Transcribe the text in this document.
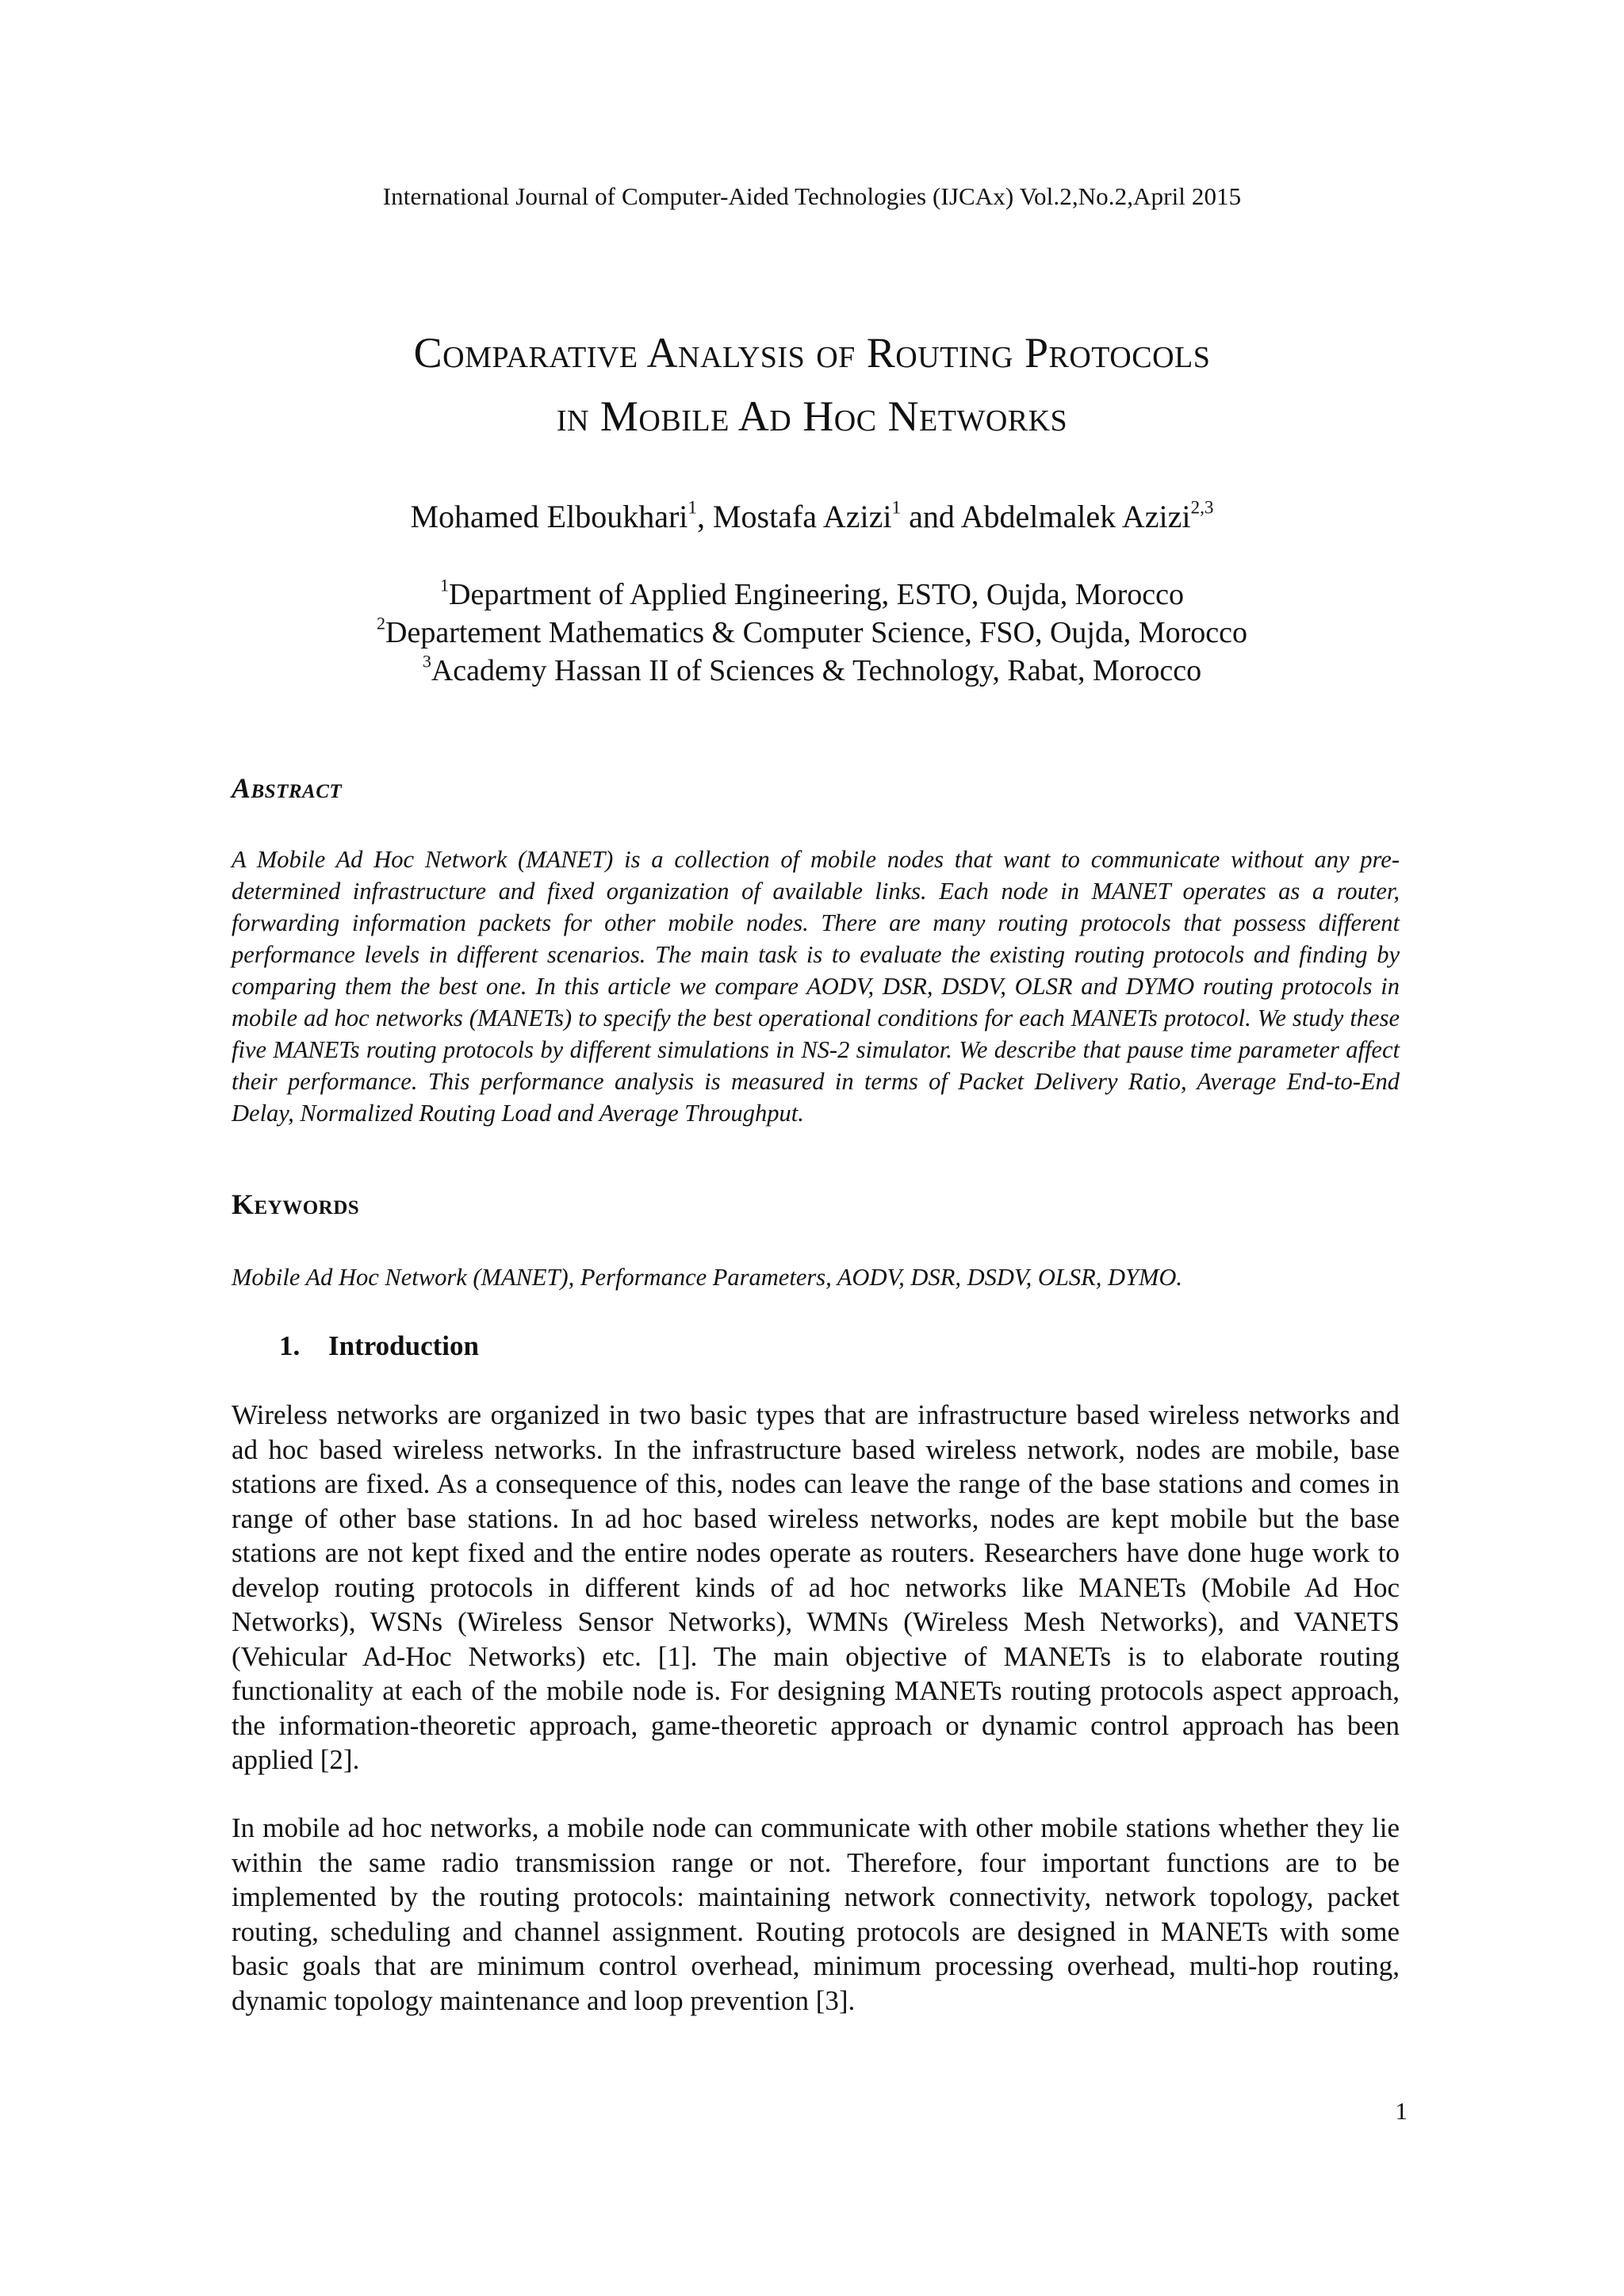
International Journal of Computer-Aided Technologies (IJCAx) Vol.2,No.2,April 2015
Comparative Analysis of Routing Protocols
in Mobile Ad Hoc Networks
Mohamed Elboukhari$^1$, Mostafa Azizi$^1$ and Abdelmalek Azizi$^{2,3}$
$^1$Department of Applied Engineering, ESTO, Oujda, Morocco
$^2$Departement Mathematics & Computer Science, FSO, Oujda, Morocco
$^3$Academy Hassan II of Sciences & Technology, Rabat, Morocco
Abstract
A Mobile Ad Hoc Network (MANET) is a collection of mobile nodes that want to communicate without any pre-determined infrastructure and fixed organization of available links. Each node in MANET operates as a router, forwarding information packets for other mobile nodes. There are many routing protocols that possess different performance levels in different scenarios. The main task is to evaluate the existing routing protocols and finding by comparing them the best one. In this article we compare AODV, DSR, DSDV, OLSR and DYMO routing protocols in mobile ad hoc networks (MANETs) to specify the best operational conditions for each MANETs protocol. We study these five MANETs routing protocols by different simulations in NS-2 simulator. We describe that pause time parameter affect their performance. This performance analysis is measured in terms of Packet Delivery Ratio, Average End-to-End Delay, Normalized Routing Load and Average Throughput.
Keywords
Mobile Ad Hoc Network (MANET), Performance Parameters, AODV, DSR, DSDV, OLSR, DYMO.
1. Introduction
Wireless networks are organized in two basic types that are infrastructure based wireless networks and ad hoc based wireless networks. In the infrastructure based wireless network, nodes are mobile, base stations are fixed. As a consequence of this, nodes can leave the range of the base stations and comes in range of other base stations. In ad hoc based wireless networks, nodes are kept mobile but the base stations are not kept fixed and the entire nodes operate as routers. Researchers have done huge work to develop routing protocols in different kinds of ad hoc networks like MANETs (Mobile Ad Hoc Networks), WSNs (Wireless Sensor Networks), WMNs (Wireless Mesh Networks), and VANETS (Vehicular Ad-Hoc Networks) etc. [1]. The main objective of MANETs is to elaborate routing functionality at each of the mobile node is. For designing MANETs routing protocols aspect approach, the information-theoretic approach, game-theoretic approach or dynamic control approach has been applied [2].
In mobile ad hoc networks, a mobile node can communicate with other mobile stations whether they lie within the same radio transmission range or not. Therefore, four important functions are to be implemented by the routing protocols: maintaining network connectivity, network topology, packet routing, scheduling and channel assignment. Routing protocols are designed in MANETs with some basic goals that are minimum control overhead, minimum processing overhead, multi-hop routing, dynamic topology maintenance and loop prevention [3].
1
